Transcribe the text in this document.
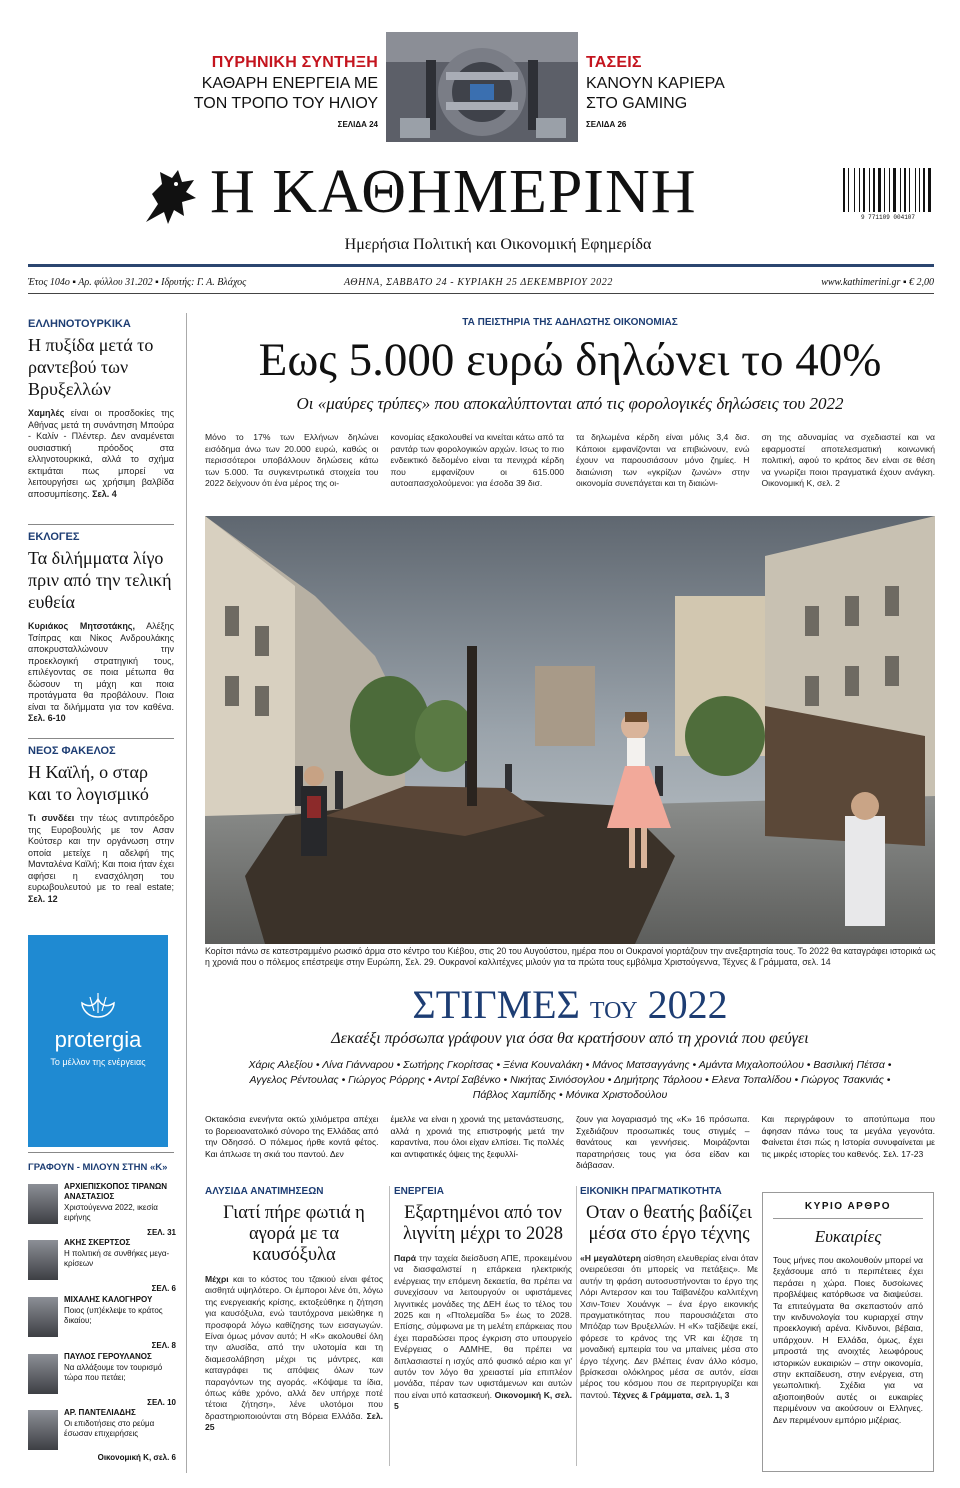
ΠΥΡΗΝΙΚΗ ΣΥΝΤΗΞΗ
ΚΑΘΑΡΗ ΕΝΕΡΓΕΙΑ ΜΕ
ΤΟΝ ΤΡΟΠΟ ΤΟΥ ΗΛΙΟΥ
ΣΕΛΙΔΑ 24
ΤΑΣΕΙΣ
ΚΑΝΟΥΝ ΚΑΡΙΕΡΑ
ΣΤΟ GAMING
ΣΕΛΙΔΑ 26
Η ΚΑΘΗΜΕΡΙΝΗ
Ημερήσια Πολιτική και Οικονομική Εφημερίδα
9 771109 004107
Έτος 104ο ▪ Αρ. φύλλου 31.202 ▪ Ιδρυτής: Γ. Α. Βλάχος	ΑΘΗΝΑ, ΣΑΒΒΑΤΟ 24 - ΚΥΡΙΑΚΗ 25 ΔΕΚΕΜΒΡΙΟΥ 2022	www.kathimerini.gr ▪ € 2,00
ΕΛΛΗΝΟΤΟΥΡΚΙΚΑ
Η πυξίδα μετά το ραντεβού των Βρυξελλών
Χαμηλές είναι οι προσδοκίες της Αθήνας μετά τη συνάντηση Μπούρα - Καλίν - Πλέντερ. Δεν αναμένεται ουσιαστική πρόοδος στα ελληνοτουρκικά, αλλά το σχήμα εκτιμάται πως μπορεί να λειτουργήσει ως χρήσιμη βαλβίδα αποσυμπίεσης. Σελ. 4
ΕΚΛΟΓΕΣ
Τα διλήμματα λίγο πριν από την τελική ευθεία
Κυριάκος Μητσοτάκης, Αλέξης Τσίπρας και Νίκος Ανδρουλάκης αποκρυσταλλώνουν την προεκλογική στρατηγική τους, επιλέγοντας σε ποια μέτωπα θα δώσουν τη μάχη και ποια προτάγματα θα προβάλουν. Ποια είναι τα διλήμματα για τον καθένα. Σελ. 6-10
ΝΕΟΣ ΦΑΚΕΛΟΣ
Η Καϊλή, ο σταρ και το λογισμικό
Τι συνδέει την τέως αντιπρόεδρο της Ευροβουλής με τον Ασαν Κούτσερ και την οργάνωση στην οποία μετείχε η αδελφή της Μανταλένα Καϊλή; Και ποια ήταν έχει αφήσει η ενασχόληση του ευρωβουλευτού με το real estate; Σελ. 12
protergia
Το μέλλον της ενέργειας
ΓΡΑΦΟΥΝ - ΜΙΛΟΥΝ ΣΤΗΝ «Κ»
ΑΡΧΙΕΠΙΣΚΟΠΟΣ ΤΙΡΑΝΩΝ ΑΝΑΣΤΑΣΙΟΣ
Χριστούγεννα 2022, ικεσία ειρήνης
ΣΕΛ. 31
ΑΚΗΣ ΣΚΕΡΤΣΟΣ
Η πολιτική σε συνθήκες μεγα-κρίσεων
ΣΕΛ. 6
ΜΙΧΑΛΗΣ ΚΑΛΟΓΗΡΟΥ
Ποιος (υπ)έκλεψε το κράτος δικαίου;
ΣΕΛ. 8
ΠΑΥΛΟΣ ΓΕΡΟΥΛΑΝΟΣ
Να αλλάξουμε τον τουρισμό τώρα που πετάει;
ΣΕΛ. 10
ΑΡ. ΠΑΝΤΕΛΙΑΔΗΣ
Οι επιδοτήσεις στο ρεύμα έσωσαν επιχειρήσεις
Οικονομική Κ, σελ. 6
ΤΑ ΠΕΙΣΤΗΡΙΑ ΤΗΣ ΑΔΗΛΩΤΗΣ ΟΙΚΟΝΟΜΙΑΣ
Εως 5.000 ευρώ δηλώνει το 40%
Οι «μαύρες τρύπες» που αποκαλύπτονται από τις φορολογικές δηλώσεις του 2022
Μόνο το 17% των Ελλήνων δηλώνει εισόδημα άνω των 20.000 ευρώ, καθώς οι περισσότεροι υποβάλλουν δηλώσεις κάτω των 5.000. Τα συγκεντρωτικά στοιχεία του 2022 δείχνουν ότι ένα μέρος της οι-
κονομίας εξακολουθεί να κινείται κάτω από τα ραντάρ των φορολογικών αρχών. Ισως το πιο ενδεικτικό δεδομένο είναι τα πενιχρά κέρδη που εμφανίζουν οι 615.000 αυτοαπασχολούμενοι: για έσοδα 39 δισ.
τα δηλωμένα κέρδη είναι μόλις 3,4 δισ. Κάποιοι εμφανίζονται να επιβιώνουν, ενώ έχουν να παρουσιάσουν μόνο ζημίες. Η διαιώνιση των «γκρίζων ζωνών» στην οικονομία συνεπάγεται και τη διαιώνι-
ση της αδυναμίας να σχεδιαστεί και να εφαρμοστεί αποτελεσματική κοινωνική πολιτική, αφού το κράτος δεν είναι σε θέση να γνωρίζει ποιοι πραγματικά έχουν ανάγκη. Οικονομική Κ, σελ. 2
Κορίτσι πάνω σε κατεστραμμένο ρωσικό άρμα στο κέντρο του Κιέβου, στις 20 του Αυγούστου, ημέρα που οι Ουκρανοί γιορτάζουν την ανεξαρτησία τους. Το 2022 θα καταγράφει ιστορικά ως η χρονιά που ο πόλεμος επέστρεψε στην Ευρώπη, Σελ. 29. Ουκρανοί καλλιτέχνες μιλούν για τα πρώτα τους εμβόλιμα Χριστούγεννα, Τέχνες & Γράμματα, σελ. 14
ΣΤΙΓΜΕΣ ΤΟΥ 2022
Δεκαέξι πρόσωπα γράφουν για όσα θα κρατήσουν από τη χρονιά που φεύγει
Χάρις Αλεξίου • Λίνα Γιάνναρου • Σωτήρης Γκορίτσας • Ξένια Κουναλάκη • Μάνος Ματσαγγάνης • Αμάντα Μιχαλοπούλου • Βασιλική Πέτσα • Αγγελος Ρέντουλας • Γιώργος Ρόρρης • Αντρί Σαβένκο • Νικήτας Σινιόσογλου • Δημήτρης Τάρλοου • Ελενα Τοπαλίδου • Γιώργος Τσακνιάς • Πάβλος Χαμπίδης • Μόνικα Χριστοδούλου
Οκτακόσια ενενήντα οκτώ χιλιόμετρα απέχει το βορειοανατολικό σύνορο της Ελλάδας από την Οδησσό. Ο πόλεμος ήρθε κοντά φέτος. Και άπλωσε τη σκιά του παντού. Δεν
έμελλε να είναι η χρονιά της μετανάστευσης, αλλά η χρονιά της επιστροφής μετά την καραντίνα, που όλοι είχαν ελπίσει. Τις πολλές και αντιφατικές όψεις της ξεφυλλί-
ζουν για λογαριασμό της «Κ» 16 πρόσωπα. Σχεδιάζουν προσωπικές τους στιγμές – θανάτους και γεννήσεις. Μοιράζονται παρατηρήσεις τους για όσα είδαν και διάβασαν.
Και περιγράφουν το αποτύπωμα που άφησαν πάνω τους τα μεγάλα γεγονότα. Φαίνεται έτσι πώς η Ιστορία συνυφαίνεται με τις μικρές ιστορίες του καθενός. Σελ. 17-23
ΑΛΥΣΙΔΑ ΑΝΑΤΙΜΗΣΕΩΝ
Γιατί πήρε φωτιά η αγορά με τα καυσόξυλα
Μέχρι και το κόστος του τζακιού είναι φέτος αισθητά υψηλότερο. Οι έμποροι λένε ότι, λόγω της ενεργειακής κρίσης, εκτοξεύθηκε η ζήτηση για καυσόξυλα, ενώ ταυτόχρονα μειώθηκε η προσφορά λόγω καθίζησης των εισαγωγών. Είναι όμως μόνον αυτό; Η «Κ» ακολουθεί όλη την αλυσίδα, από την υλοτομία και τη διαμεσολάβηση μέχρι τις μάντρες, και καταγράφει τις απόψεις όλων των παραγόντων της αγοράς. «Κόψαμε τα ίδια, όπως κάθε χρόνο, αλλά δεν υπήρχε ποτέ τέτοια ζήτηση», λένε υλοτόμοι που δραστηριοποιούνται στη Βόρεια Ελλάδα. Σελ. 25
ΕΝΕΡΓΕΙΑ
Εξαρτημένοι από τον λιγνίτη μέχρι το 2028
Παρά την ταχεία διείσδυση ΑΠΕ, προκειμένου να διασφαλιστεί η επάρκεια ηλεκτρικής ενέργειας την επόμενη δεκαετία, θα πρέπει να συνεχίσουν να λειτουργούν οι υφιστάμενες λιγνιτικές μονάδες της ΔΕΗ έως το τέλος του 2025 και η «Πτολεμαΐδα 5» έως το 2028. Επίσης, σύμφωνα με τη μελέτη επάρκειας που έχει παραδώσει προς έγκριση στο υπουργείο Ενέργειας ο ΑΔΜΗΕ, θα πρέπει να διπλασιαστεί η ισχύς από φυσικό αέριο και γι' αυτόν τον λόγο θα χρειαστεί μία επιπλέον μονάδα, πέραν των υφιστάμενων και αυτών που είναι υπό κατασκευή. Οικονομική Κ, σελ. 5
ΕΙΚΟΝΙΚΗ ΠΡΑΓΜΑΤΙΚΟΤΗΤΑ
Οταν ο θεατής βαδίζει μέσα στο έργο τέχνης
«Η μεγαλύτερη αίσθηση ελευθερίας είναι όταν ονειρεύεσαι ότι μπορείς να πετάξεις». Με αυτήν τη φράση αυτοσυστήνονται το έργο της Λόρι Αντερσον και του Ταϊβανέζου καλλιτέχνη Χσιν-Τσιεν Χουάνγκ – ένα έργο εικονικής πραγματικότητας που παρουσιάζεται στο Μπόζαρ των Βρυξελλών. Η «Κ» ταξίδεψε εκεί, φόρεσε το κράνος της VR και έζησε τη μοναδική εμπειρία του να μπαίνεις μέσα στο έργο τέχνης. Δεν βλέπεις έναν άλλο κόσμο, βρίσκεσαι ολόκληρος μέσα σε αυτόν, είσαι μέρος του κόσμου που σε περιτριγυρίζει και παντού. Τέχνες & Γράμματα, σελ. 1, 3
ΚΥΡΙΟ ΑΡΘΡΟ
Ευκαιρίες
Τους μήνες που ακολουθούν μπορεί να ξεχάσουμε από τι περιπέτειες έχει περάσει η χώρα. Ποιες δυσοίωνες προβλέψεις κατόρθωσε να διαψεύσει. Τα επιτεύγματα θα σκεπαστούν από την κινδυνολογία του κυριαρχεί στην προεκλογική αρένα. Κίνδυνοι, βέβαια, υπάρχουν. Η Ελλάδα, όμως, έχει μπροστά της ανοιχτές λεωφόρους ιστορικών ευκαιριών – στην οικονομία, στην εκπαίδευση, στην ενέργεια, στη γεωπολιτική. Σχέδια για να αξιοποιηθούν αυτές οι ευκαιρίες περιμένουν να ακούσουν οι Ελληνες. Δεν περιμένουν εμπόριο μιζέριας.
